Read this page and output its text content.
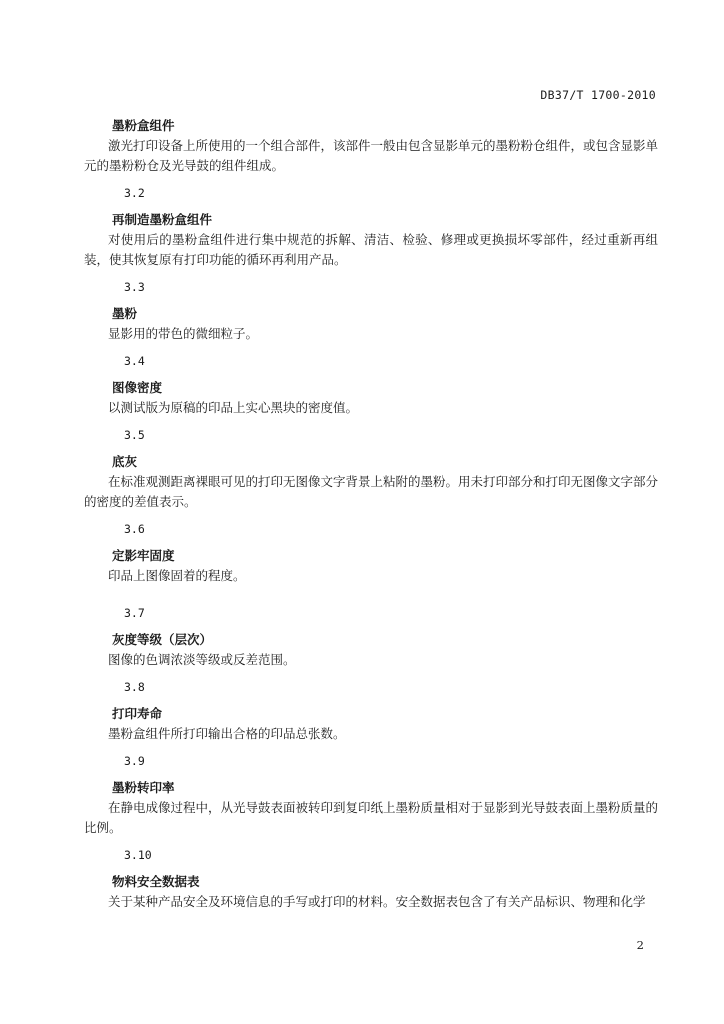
DB37/T 1700-2010
墨粉盒组件

激光打印设备上所使用的一个组合部件，该部件一般由包含显影单元的墨粉粉仓组件，或包含显影单元的墨粉粉仓及光导鼓的组件组成。

3.2
再制造墨粉盒组件

对使用后的墨粉盒组件进行集中规范的拆解、清洁、检验、修理或更换损坏零部件，经过重新再组装，使其恢复原有打印功能的循环再利用产品。

3.3
墨粉

显影用的带色的微细粒子。

3.4
图像密度

以测试版为原稿的印品上实心黑块的密度值。

3.5
底灰

在标准观测距离裸眼可见的打印无图像文字背景上粘附的墨粉。用未打印部分和打印无图像文字部分的密度的差值表示。

3.6
定影牢固度

印品上图像固着的程度。

3.7
灰度等级（层次）

图像的色调浓淡等级或反差范围。

3.8
打印寿命

墨粉盒组件所打印输出合格的印品总张数。

3.9
墨粉转印率

在静电成像过程中，从光导鼓表面被转印到复印纸上墨粉质量相对于显影到光导鼓表面上墨粉质量的比例。

3.10
物料安全数据表

关于某种产品安全及环境信息的手写或打印的材料。安全数据表包含了有关产品标识、物理和化学

2
